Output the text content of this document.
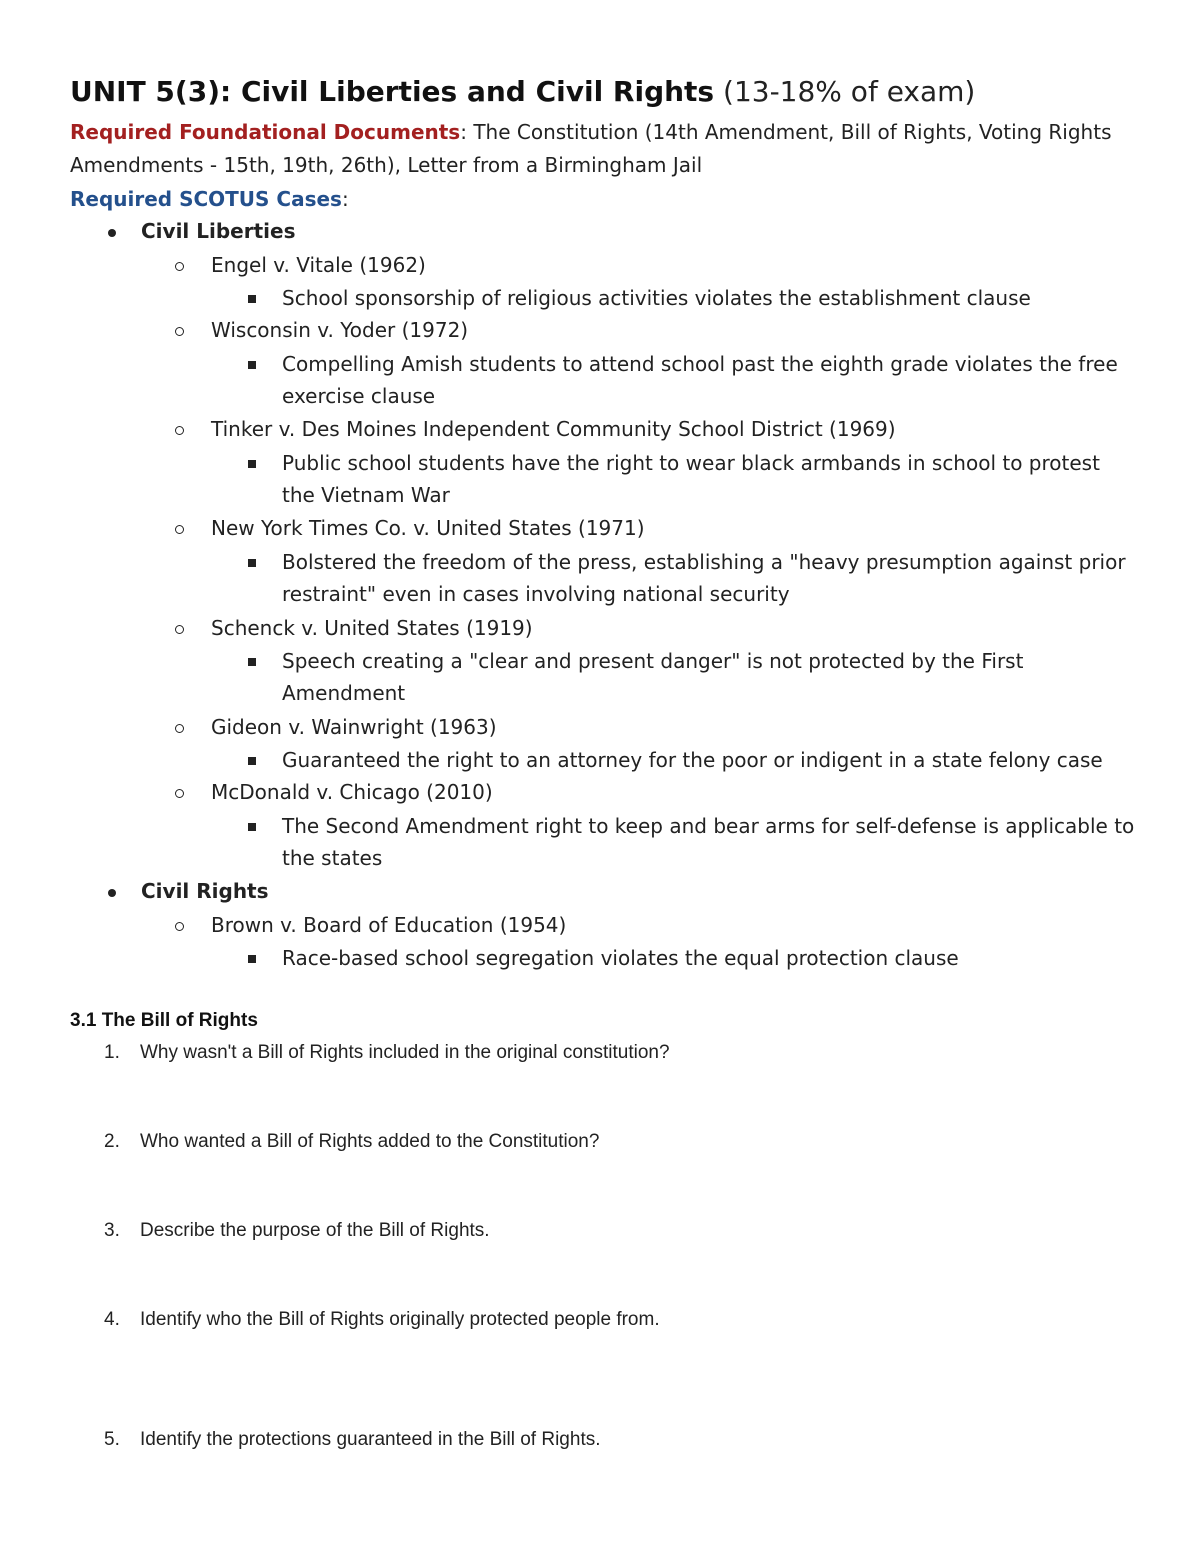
UNIT 5(3): Civil Liberties and Civil Rights (13-18% of exam)
Required Foundational Documents: The Constitution (14th Amendment, Bill of Rights, Voting Rights Amendments - 15th, 19th, 26th), Letter from a Birmingham Jail
Required SCOTUS Cases:
Civil Liberties
Engel v. Vitale (1962)
School sponsorship of religious activities violates the establishment clause
Wisconsin v. Yoder (1972)
Compelling Amish students to attend school past the eighth grade violates the free
exercise clause
Tinker v. Des Moines Independent Community School District (1969)
Public school students have the right to wear black armbands in school to protest
the Vietnam War
New York Times Co. v. United States (1971)
Bolstered the freedom of the press, establishing a "heavy presumption against prior
restraint" even in cases involving national security
Schenck v. United States (1919)
Speech creating a "clear and present danger" is not protected by the First
Amendment
Gideon v. Wainwright (1963)
Guaranteed the right to an attorney for the poor or indigent in a state felony case
McDonald v. Chicago (2010)
The Second Amendment right to keep and bear arms for self-defense is applicable to
the states
Civil Rights
Brown v. Board of Education (1954)
Race-based school segregation violates the equal protection clause
3.1 The Bill of Rights
1. Why wasn't a Bill of Rights included in the original constitution?
2. Who wanted a Bill of Rights added to the Constitution?
3. Describe the purpose of the Bill of Rights.
4. Identify who the Bill of Rights originally protected people from.
5. Identify the protections guaranteed in the Bill of Rights.
